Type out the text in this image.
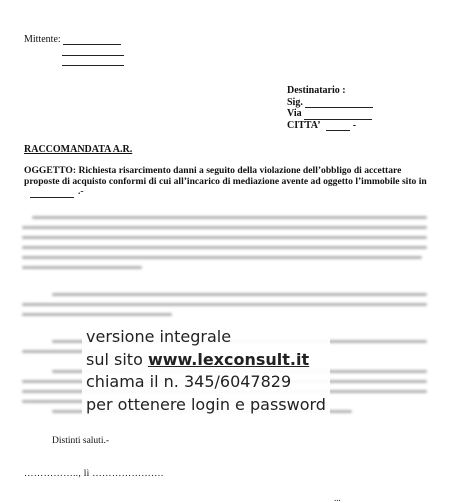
Mittente:
Destinatario :
Sig.
Via
CITTA’	-
RACCOMANDATA A.R.
OGGETTO: Richiesta risarcimento danni a seguito della violazione dell’obbligo di accettare proposte di acquisto conformi di cui all’incarico di mediazione avente ad oggetto l’immobile sito in.-
versione integrale
sul sito www.lexconsult.it
chiama il n. 345/6047829
per ottenere login e password
Distinti saluti.-
…………….., lì ………………….
...
